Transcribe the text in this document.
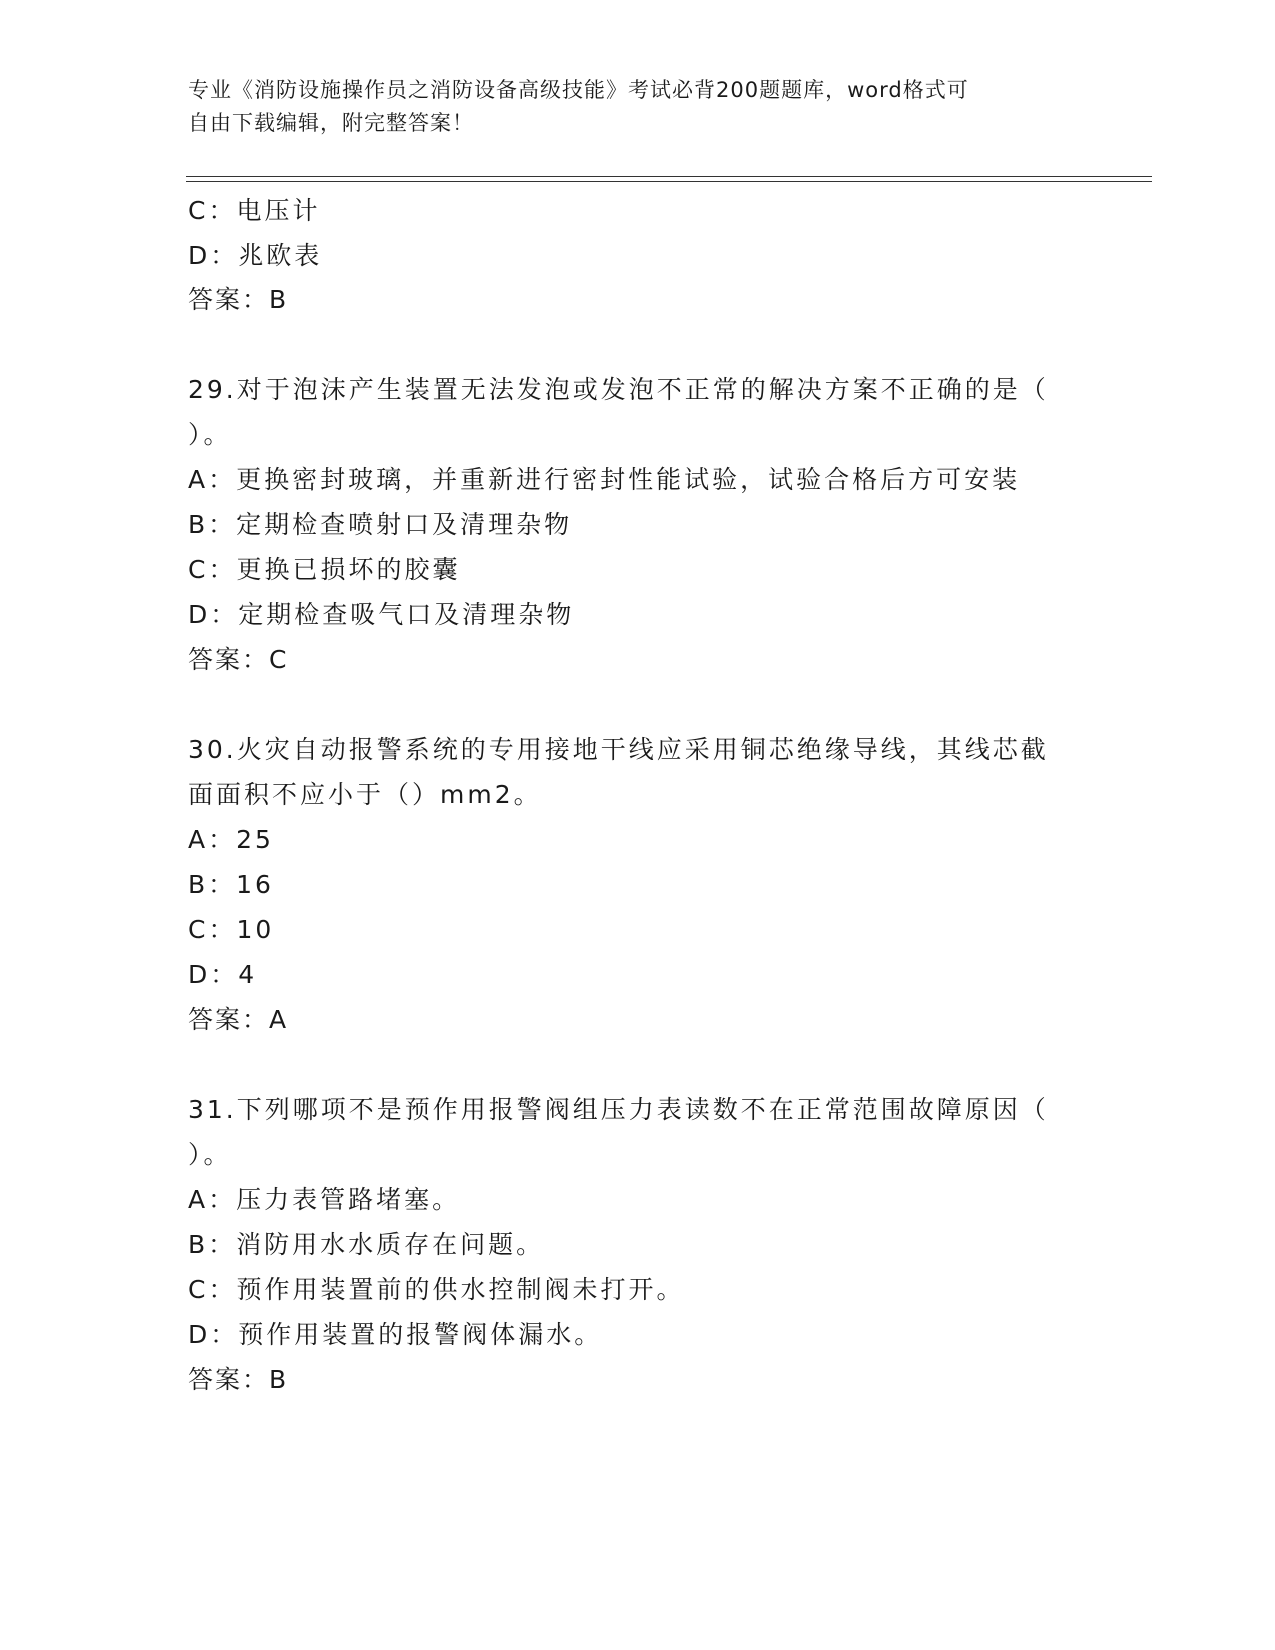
专业《消防设施操作员之消防设备高级技能》考试必背200题题库，word格式可
自由下载编辑，附完整答案！
C：电压计
D：兆欧表
答案：B
29.对于泡沫产生装置无法发泡或发泡不正常的解决方案不正确的是（
）。
A：更换密封玻璃，并重新进行密封性能试验，试验合格后方可安装
B：定期检查喷射口及清理杂物
C：更换已损坏的胶囊
D：定期检查吸气口及清理杂物
答案：C
30.火灾自动报警系统的专用接地干线应采用铜芯绝缘导线，其线芯截
面面积不应小于（）mm2。
A：25
B：16
C：10
D：4
答案：A
31.下列哪项不是预作用报警阀组压力表读数不在正常范围故障原因（
）。
A：压力表管路堵塞。
B：消防用水水质存在问题。
C：预作用装置前的供水控制阀未打开。
D：预作用装置的报警阀体漏水。
答案：B
